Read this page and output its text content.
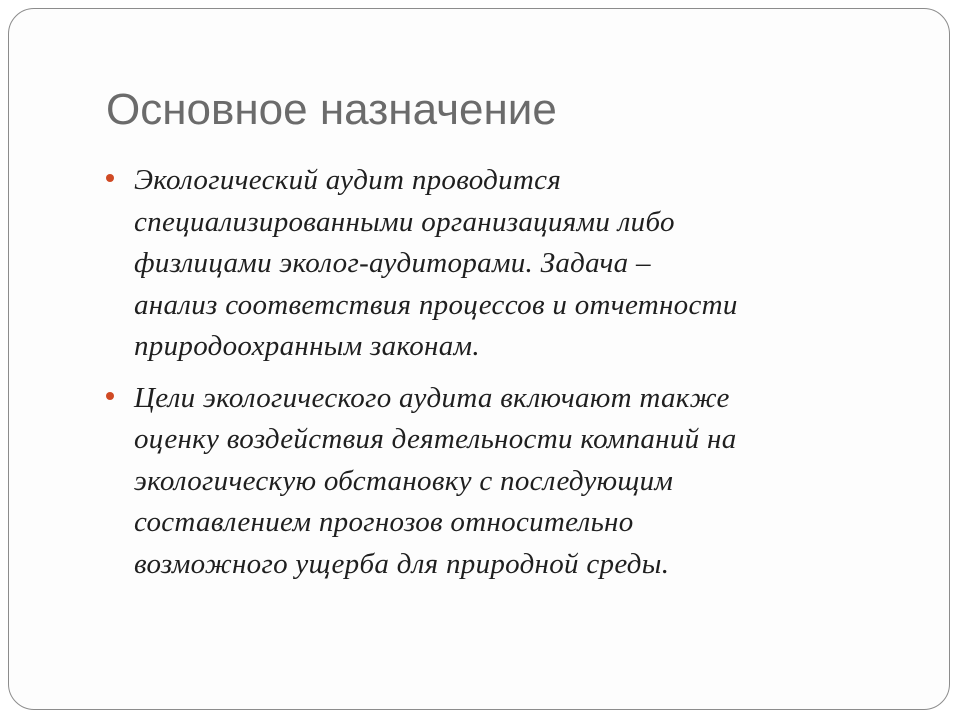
Основное назначение
Экологический аудит проводится
специализированными организациями либо
физлицами эколог-аудиторами. Задача –
анализ соответствия процессов и отчетности
природоохранным законам.
Цели экологического аудита включают также
оценку воздействия деятельности компаний на
экологическую обстановку с последующим
составлением прогнозов относительно
возможного ущерба для природной среды.
